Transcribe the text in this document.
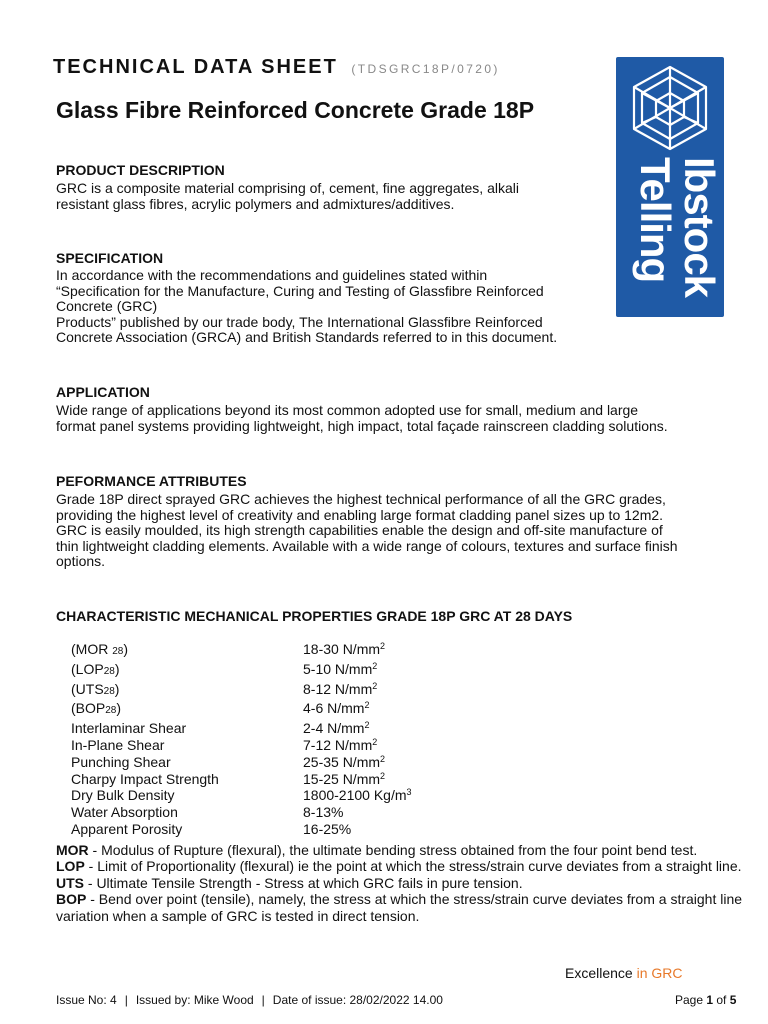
TECHNICAL DATA SHEET (TDSGRC18P/0720)
Glass Fibre Reinforced Concrete Grade 18P
Ibstock
Telling
PRODUCT DESCRIPTION

GRC is a composite material comprising of, cement, fine aggregates, alkali

resistant glass fibres, acrylic polymers and admixtures/additives.

SPECIFICATION

In accordance with the recommendations and guidelines stated within

“Specification for the Manufacture, Curing and Testing of Glassfibre Reinforced

Concrete (GRC)

Products” published by our trade body, The International Glassfibre Reinforced

Concrete Association (GRCA) and British Standards referred to in this document.

APPLICATION

Wide range of applications beyond its most common adopted use for small, medium and large

format panel systems providing lightweight, high impact, total façade rainscreen cladding solutions.

PEFORMANCE ATTRIBUTES

Grade 18P direct sprayed GRC achieves the highest technical performance of all the GRC grades,

providing the highest level of creativity and enabling large format cladding panel sizes up to 12m2.

GRC is easily moulded, its high strength capabilities enable the design and off-site manufacture of

thin lightweight cladding elements. Available with a wide range of colours, textures and surface finish

options.

CHARACTERISTIC MECHANICAL PROPERTIES GRADE 18P GRC AT 28 DAYS
(MOR 28)	18-30 $N/mm^2$
(LOP28)	5-10 $N/mm^2$
(UTS28)	8-12 $N/mm^2$
(BOP28)	4-6 $N/mm^2$
Interlaminar Shear	2-4 $N/mm^2$
In-Plane Shear	7-12 $N/mm^2$
Punching Shear	25-35 $N/mm^2$
Charpy Impact Strength	15-25 $N/mm^2$
Dry Bulk Density	1800-2100 $Kg/m^3$
Water Absorption	8-13%
Apparent Porosity	16-25%

MOR - Modulus of Rupture (flexural), the ultimate bending stress obtained from the four point bend test.

LOP - Limit of Proportionality (flexural) ie the point at which the stress/strain curve deviates from a straight line.

UTS - Ultimate Tensile Strength - Stress at which GRC fails in pure tension.

BOP - Bend over point (tensile), namely, the stress at which the stress/strain curve deviates from a straight line variation when a sample of GRC is tested in direct tension.

Excellence in GRC
Issue No: 4 | Issued by: Mike Wood | Date of issue: 28/02/2022 14.00	Page 1 of 5
